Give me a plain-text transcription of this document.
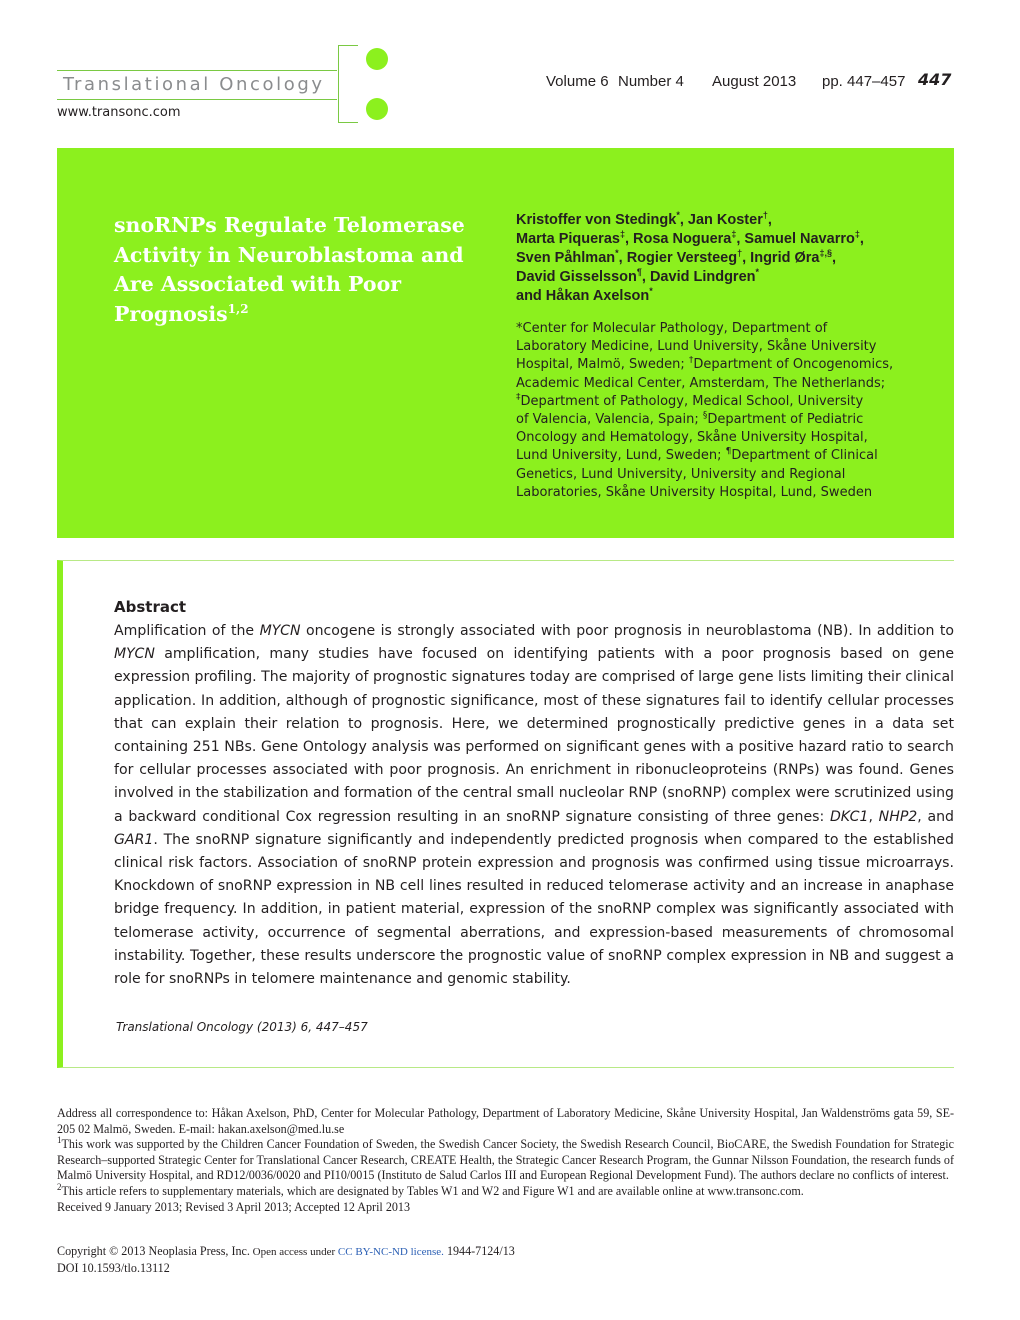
Translational Oncology
www.transonc.com
Volume 6 Number 4 August 2013 pp. 447–457 447
snoRNPs Regulate Telomerase Activity in Neuroblastoma and Are Associated with Poor Prognosis$^{1,2}$
Kristoffer von Stedingk*, Jan Koster†,
Marta Piqueras‡, Rosa Noguera‡, Samuel Navarro‡,
Sven Påhlman*, Rogier Versteeg†, Ingrid Øra‡,§,
David Gisselsson¶, David Lindgren*
and Håkan Axelson*
*Center for Molecular Pathology, Department of
Laboratory Medicine, Lund University, Skåne University
Hospital, Malmö, Sweden; †Department of Oncogenomics,
Academic Medical Center, Amsterdam, The Netherlands;
‡Department of Pathology, Medical School, University
of Valencia, Valencia, Spain; §Department of Pediatric
Oncology and Hematology, Skåne University Hospital,
Lund University, Lund, Sweden; ¶Department of Clinical
Genetics, Lund University, University and Regional
Laboratories, Skåne University Hospital, Lund, Sweden
Abstract
Amplification of the MYCN oncogene is strongly associated with poor prognosis in neuroblastoma (NB). In addition to MYCN amplification, many studies have focused on identifying patients with a poor prognosis based on gene expression profiling. The majority of prognostic signatures today are comprised of large gene lists limiting their clinical application. In addition, although of prognostic significance, most of these signatures fail to identify cellular processes that can explain their relation to prognosis. Here, we determined prognostically predictive genes in a data set containing 251 NBs. Gene Ontology analysis was performed on significant genes with a positive hazard ratio to search for cellular processes associated with poor prognosis. An enrichment in ribonucleoproteins (RNPs) was found. Genes involved in the stabilization and formation of the central small nucleolar RNP (snoRNP) complex were scrutinized using a backward conditional Cox regression resulting in an snoRNP signature consisting of three genes: DKC1, NHP2, and GAR1. The snoRNP signature significantly and independently predicted prognosis when compared to the established clinical risk factors. Association of snoRNP protein expression and prognosis was confirmed using tissue microarrays. Knockdown of snoRNP expression in NB cell lines resulted in reduced telomerase activity and an increase in anaphase bridge frequency. In addition, in patient material, expression of the snoRNP complex was significantly associated with telomerase activity, occurrence of segmental aberrations, and expression-based measurements of chromosomal instability. Together, these results underscore the prognostic value of snoRNP complex expression in NB and suggest a role for snoRNPs in telomere maintenance and genomic stability.
Translational Oncology (2013) 6, 447–457

Address all correspondence to: Håkan Axelson, PhD, Center for Molecular Pathology, Department of Laboratory Medicine, Skåne University Hospital, Jan Waldenströms gata 59, SE-205 02 Malmö, Sweden. E-mail: hakan.axelson@med.lu.se

$^1$This work was supported by the Children Cancer Foundation of Sweden, the Swedish Cancer Society, the Swedish Research Council, BioCARE, the Swedish Foundation for Strategic Research–supported Strategic Center for Translational Cancer Research, CREATE Health, the Strategic Cancer Research Program, the Gunnar Nilsson Foundation, the research funds of Malmö University Hospital, and RD12/0036/0020 and PI10/0015 (Instituto de Salud Carlos III and European Regional Development Fund). The authors declare no conflicts of interest.

$^2$This article refers to supplementary materials, which are designated by Tables W1 and W2 and Figure W1 and are available online at www.transonc.com.

Received 9 January 2013; Revised 3 April 2013; Accepted 12 April 2013

Copyright © 2013 Neoplasia Press, Inc. Open access under CC BY-NC-ND license. 1944-7124/13
DOI 10.1593/tlo.13112
